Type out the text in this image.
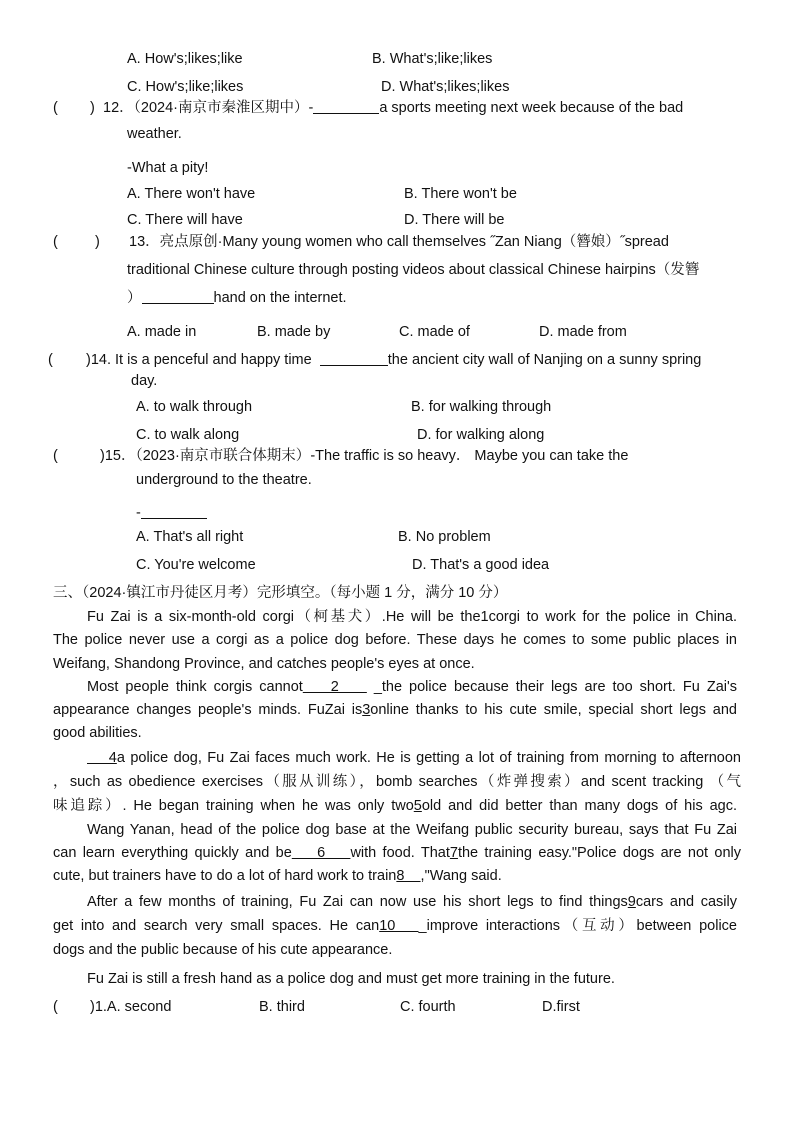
A. How's;likes;like	B. What's;like;likes
C. How's;like;likes	D. What's;likes;likes
( ) 12．（2024·南京市秦淮区期中）-	a sports meeting next week because of the bad
weather.
-What a pity!
A. There won't have	B. There won't be
C. There will have	D. There will be
(	) 13．亮点原创·Many young women who call themselves ˝Zan Niang（簪娘）˝spread
traditional Chinese culture through posting videos about classical Chinese hairpins（发簪
）	hand on the internet.
A. made in	B. made by	C. made of	D. made from
( )14. It is a penceful and happy time	the ancient city wall of Nanjing on a sunny spring
day.
A. to walk through	B. for walking through
C. to walk along	D. for walking along
(	)15．（2023·南京市联合体期末）-The traffic is so heavy． Maybe you can take the
underground to the theatre.
-
A. That's all right	B. No problem
C. You're welcome	D. That's a good idea
三、（2024·镇江市丹徒区月考）完形填空。（每小题 1 分，满分 10 分）
Fu Zai is a six-month-old corgi（柯基犬）.He will be the1corgi to work for the police in China.
The police never use a corgi as a police dog before. These days he comes to some public places in
Weifang, Shandong Province, and catches people's eyes at once.
Most people think corgis cannot    2     _the police because their legs are too short. Fu Zai's
appearance changes people's minds. FuZai is3online thanks to his cute smile, special short legs and
good abilities.
4a police dog, Fu Zai faces much work. He is getting a lot of training from morning to afternoon
，such as obedience exercises（服从训练），bomb searches（炸弹搜索）and scent tracking （气
味追踪）. He began training when he was only two5old and did better than many dogs of his agc.
Wang Yanan, head of the police dog base at the Weifang public security bureau, says that Fu Zai
can learn everything quickly and be    6    with food. That7the training easy."Police dogs are not only
cute, but trainers have to do a lot of hard work to train8    ,"Wang said.
After a few months of training, Fu Zai can now use his short legs to find things9cars and casily
get into and search very small spaces. He can10   _improve interactions（互动）between police
dogs and the public because of his cute appearance.
Fu Zai is still a fresh hand as a police dog and must get more training in the future.
( )1.A. second	B. third	C. fourth	D.first
